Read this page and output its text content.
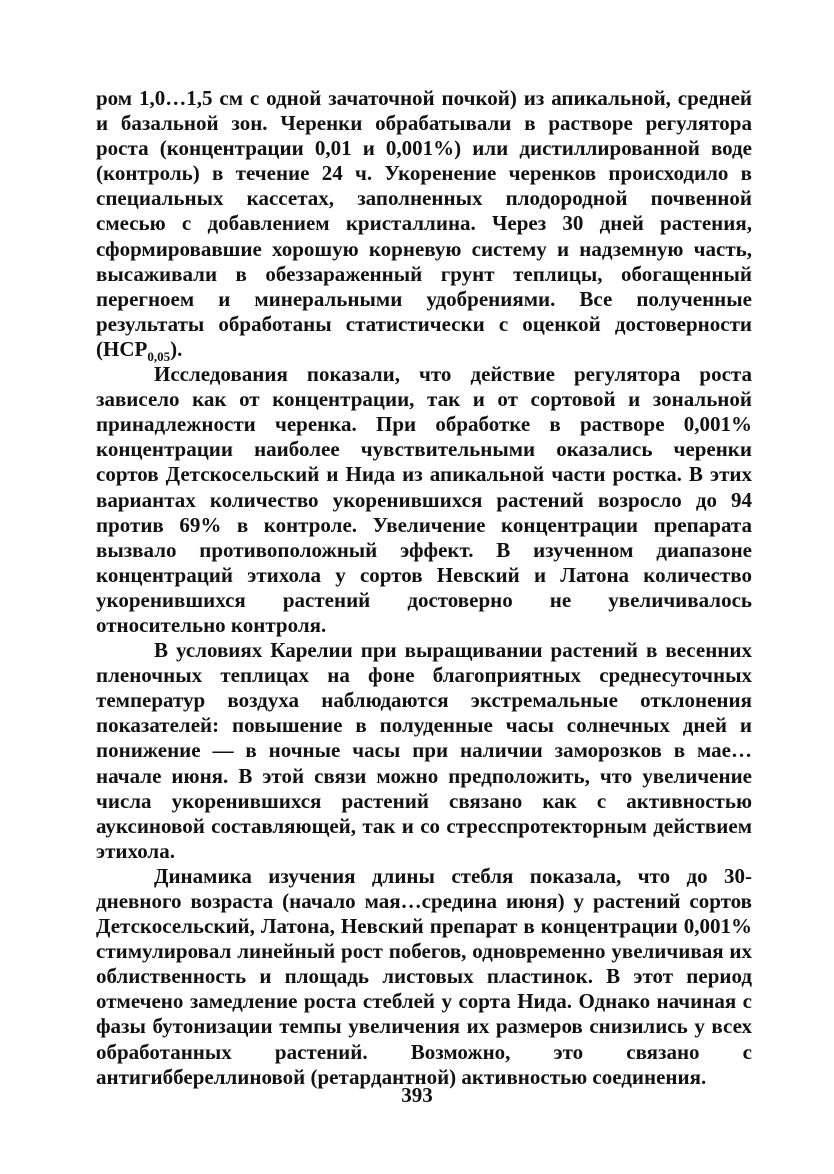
ром 1,0…1,5 см с одной зачаточной почкой) из апикальной, средней и базальной зон. Черенки обрабатывали в растворе регулятора роста (концентрации 0,01 и 0,001%) или дистиллированной воде (контроль) в течение 24 ч. Укоренение черенков происходило в специальных кассетах, заполненных плодородной почвенной смесью с добавлением кристаллина. Через 30 дней растения, сформировавшие хорошую корневую систему и надземную часть, высаживали в обеззараженный грунт теплицы, обогащенный перегноем и минеральными удобрениями. Все полученные результаты обработаны статистически с оценкой достоверности $(НСР_{0,05})$.

Исследования показали, что действие регулятора роста зависело как от концентрации, так и от сортовой и зональной принадлежности черенка. При обработке в растворе 0,001% концентрации наиболее чувствительными оказались черенки сортов Детскосельский и Нида из апикальной части ростка. В этих вариантах количество укоренившихся растений возросло до 94 против 69% в контроле. Увеличение концентрации препарата вызвало противоположный эффект. В изученном диапазоне концентраций этихола у сортов Невский и Латона количество укоренившихся растений достоверно не увеличивалось относительно контроля.

В условиях Карелии при выращивании растений в весенних пленочных теплицах на фоне благоприятных среднесуточных температур воздуха наблюдаются экстремальные отклонения показателей: повышение в полуденные часы солнечных дней и понижение — в ночные часы при наличии заморозков в мае…начале июня. В этой связи можно предположить, что увеличение числа укоренившихся растений связано как с активностью ауксиновой составляющей, так и со стресспротекторным действием этихола.

Динамика изучения длины стебля показала, что до 30-дневного возраста (начало мая…средина июня) у растений сортов Детскосельский, Латона, Невский препарат в концентрации 0,001% стимулировал линейный рост побегов, одновременно увеличивая их облиственность и площадь листовых пластинок. В этот период отмечено замедление роста стеблей у сорта Нида. Однако начиная с фазы бутонизации темпы увеличения их размеров снизились у всех обработанных растений. Возможно, это связано с антигиббереллиновой (ретардантной) активностью соединения.

393
